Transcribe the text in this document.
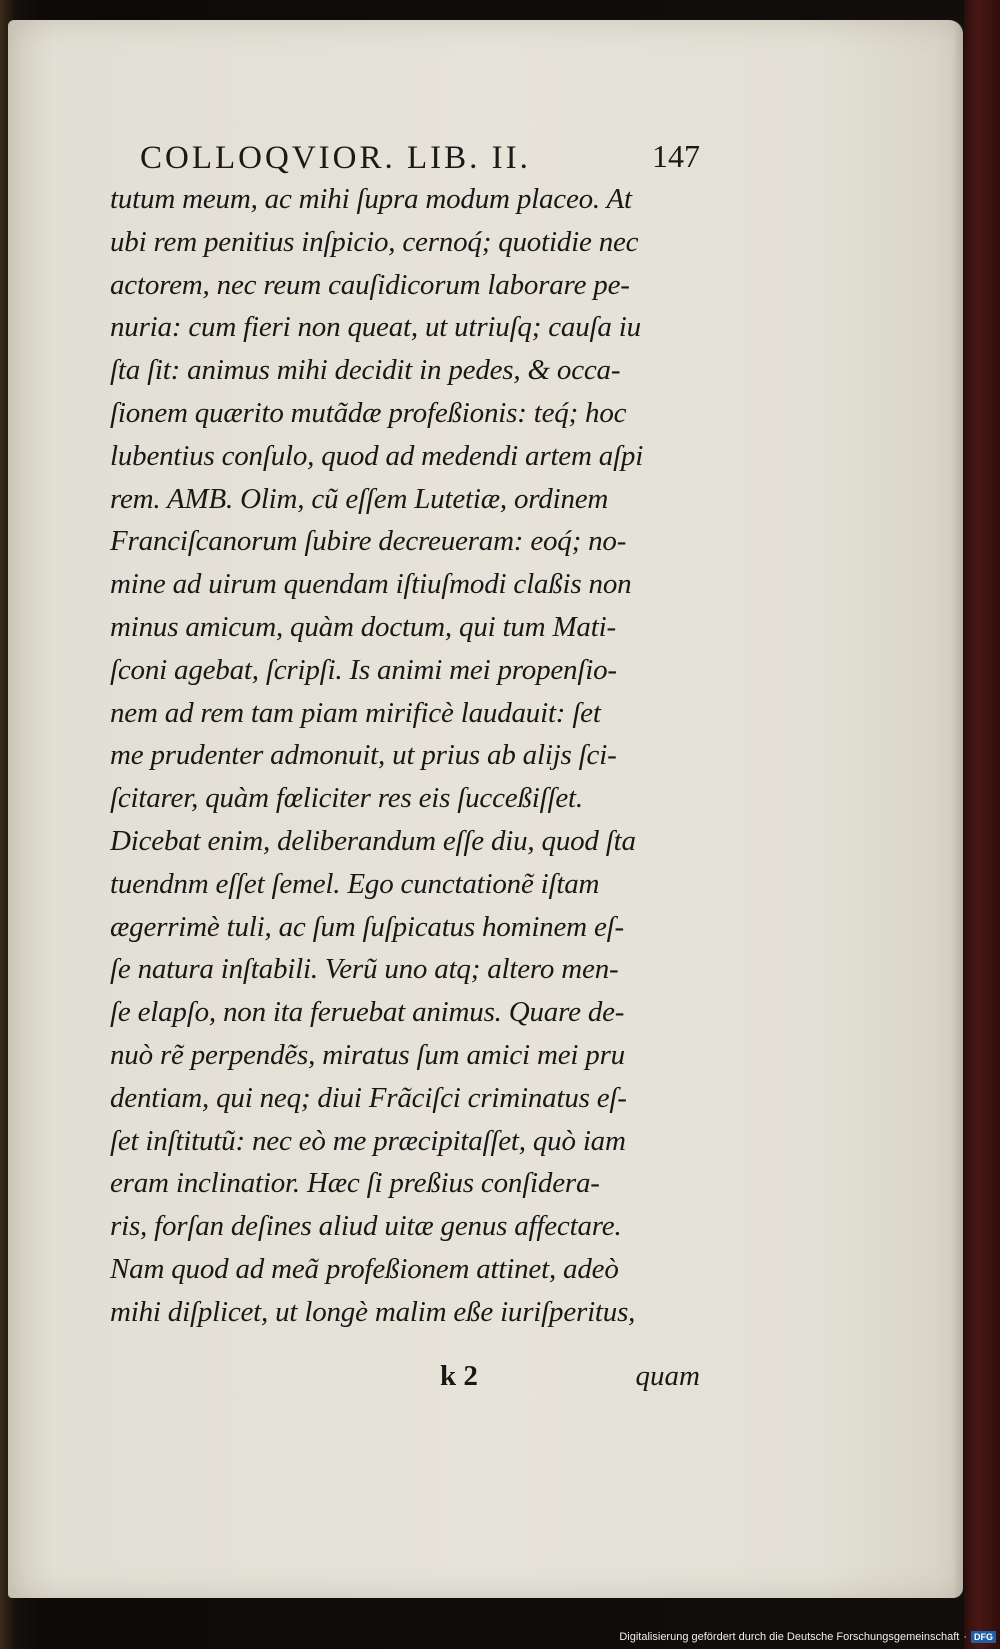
COLLOQVIOR. LIB. II.	147
tutum meum, ac mihi ſupra modum placeo. At
ubi rem penitius inſpicio, cernoq́; quotidie nec
actorem, nec reum cauſidicorum laborare pe-
nuria: cum fieri non queat, ut utriuſq; cauſa iu
ſta ſit: animus mihi decidit in pedes, & occa-
ſionem quærito mutãdæ profeßionis: teq́; hoc
lubentius conſulo, quod ad medendi artem aſpi
rem. AMB. Olim, cũ eſſem Lutetiæ, ordinem
Franciſcanorum ſubire decreueram: eoq́; no-
mine ad uirum quendam iſtiuſmodi claßis non
minus amicum, quàm doctum, qui tum Mati-
ſconi agebat, ſcripſi. Is animi mei propenſio-
nem ad rem tam piam mirificè laudauit: ſet
me prudenter admonuit, ut prius ab alijs ſci-
ſcitarer, quàm fœliciter res eis ſucceßiſſet.
Dicebat enim, deliberandum eſſe diu, quod ſta
tuendnm eſſet ſemel. Ego cunctationẽ iſtam
ægerrimè tuli, ac ſum ſuſpicatus hominem eſ-
ſe natura inſtabili. Verũ uno atq; altero men-
ſe elapſo, non ita feruebat animus. Quare de-
nuò rẽ perpendẽs, miratus ſum amici mei pru
dentiam, qui neq; diui Frãciſci criminatus eſ-
ſet inſtitutũ: nec eò me præcipitaſſet, quò iam
eram inclinatior. Hæc ſi preßius conſidera-
ris, forſan deſines aliud uitæ genus affectare.
Nam quod ad meã profeßionem attinet, adeò
mihi diſplicet, ut longè malim eße iuriſperitus,
k 2	quam
Digitalisierung gefördert durch die Deutsche Forschungsgemeinschaft · DFG
